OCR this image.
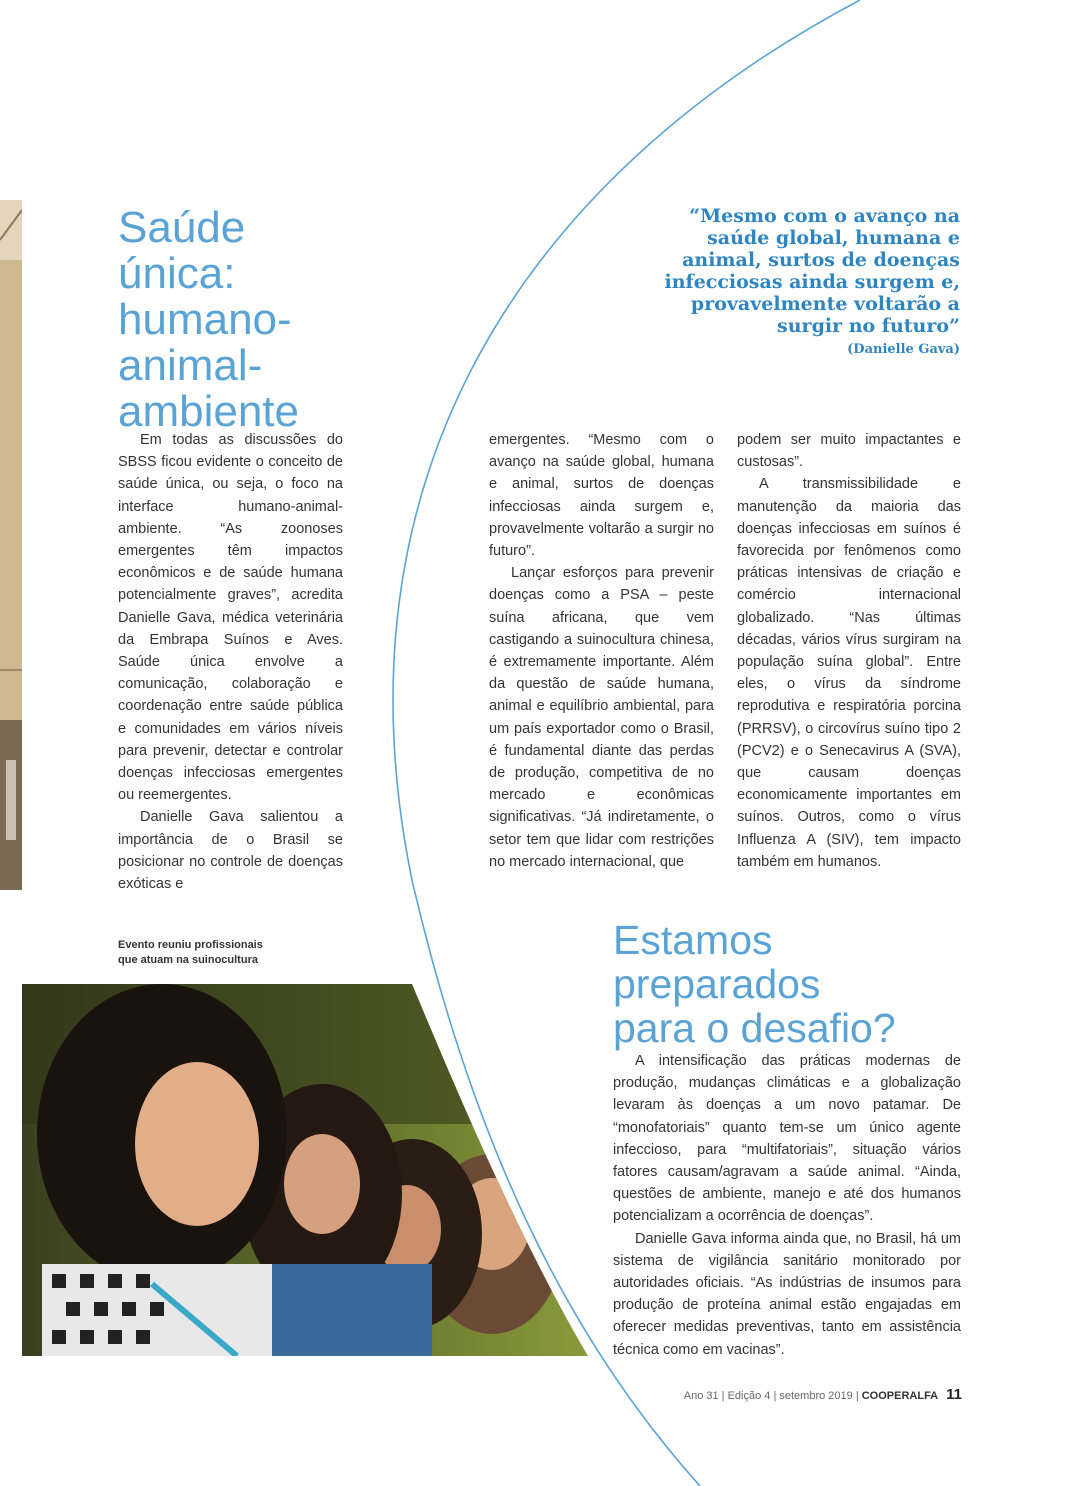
Saúde
única:
humano-
animal-
ambiente
“Mesmo com o avanço na saúde global, humana e animal, surtos de doenças infecciosas ainda surgem e, provavelmente voltarão a surgir no futuro”
(Danielle Gava)

Em todas as discussões do SBSS ficou evidente o conceito de saúde única, ou seja, o foco na interface humano-animal-ambiente. “As zoonoses emergentes têm impactos econômicos e de saúde humana potencialmente graves”, acredita Danielle Gava, médica veterinária da Embrapa Suínos e Aves. Saúde única envolve a comunicação, colaboração e coordenação entre saúde pública e comunidades em vários níveis para prevenir, detectar e controlar doenças infecciosas emergentes ou reemergentes.

Danielle Gava salientou a importância de o Brasil se posicionar no controle de doenças exóticas e

emergentes. “Mesmo com o avanço na saúde global, humana e animal, surtos de doenças infecciosas ainda surgem e, provavelmente voltarão a surgir no futuro”.

Lançar esforços para prevenir doenças como a PSA – peste suína africana, que vem castigando a suinocultura chinesa, é extremamente importante. Além da questão de saúde humana, animal e equilíbrio ambiental, para um país exportador como o Brasil, é fundamental diante das perdas de produção, competitiva de no mercado e econômicas significativas. “Já indiretamente, o setor tem que lidar com restrições no mercado internacional, que

podem ser muito impactantes e custosas”.

A transmissibilidade e manutenção da maioria das doenças infecciosas em suínos é favorecida por fenômenos como práticas intensivas de criação e comércio internacional globalizado. “Nas últimas décadas, vários vírus surgiram na população suína global”. Entre eles, o vírus da síndrome reprodutiva e respiratória porcina (PRRSV), o circovírus suíno tipo 2 (PCV2) e o Senecavirus A (SVA), que causam doenças economicamente importantes em suínos. Outros, como o vírus Influenza A (SIV), tem impacto também em humanos.

Evento reuniu profissionais
que atuam na suinocultura	Estamos
preparados
para o desafio?

A intensificação das práticas modernas de produção, mudanças climáticas e a globalização levaram às doenças a um novo patamar. De “monofatoriais” quanto tem-se um único agente infeccioso, para “multifatoriais”, situação vários fatores causam/agravam a saúde animal. “Ainda, questões de ambiente, manejo e até dos humanos potencializam a ocorrência de doenças”.

Danielle Gava informa ainda que, no Brasil, há um sistema de vigilância sanitário monitorado por autoridades oficiais. “As indústrias de insumos para produção de proteína animal estão engajadas em oferecer medidas preventivas, tanto em assistência técnica como em vacinas”.

Ano 31 | Edição 4 | setembro 2019 | COOPERALFA 11
